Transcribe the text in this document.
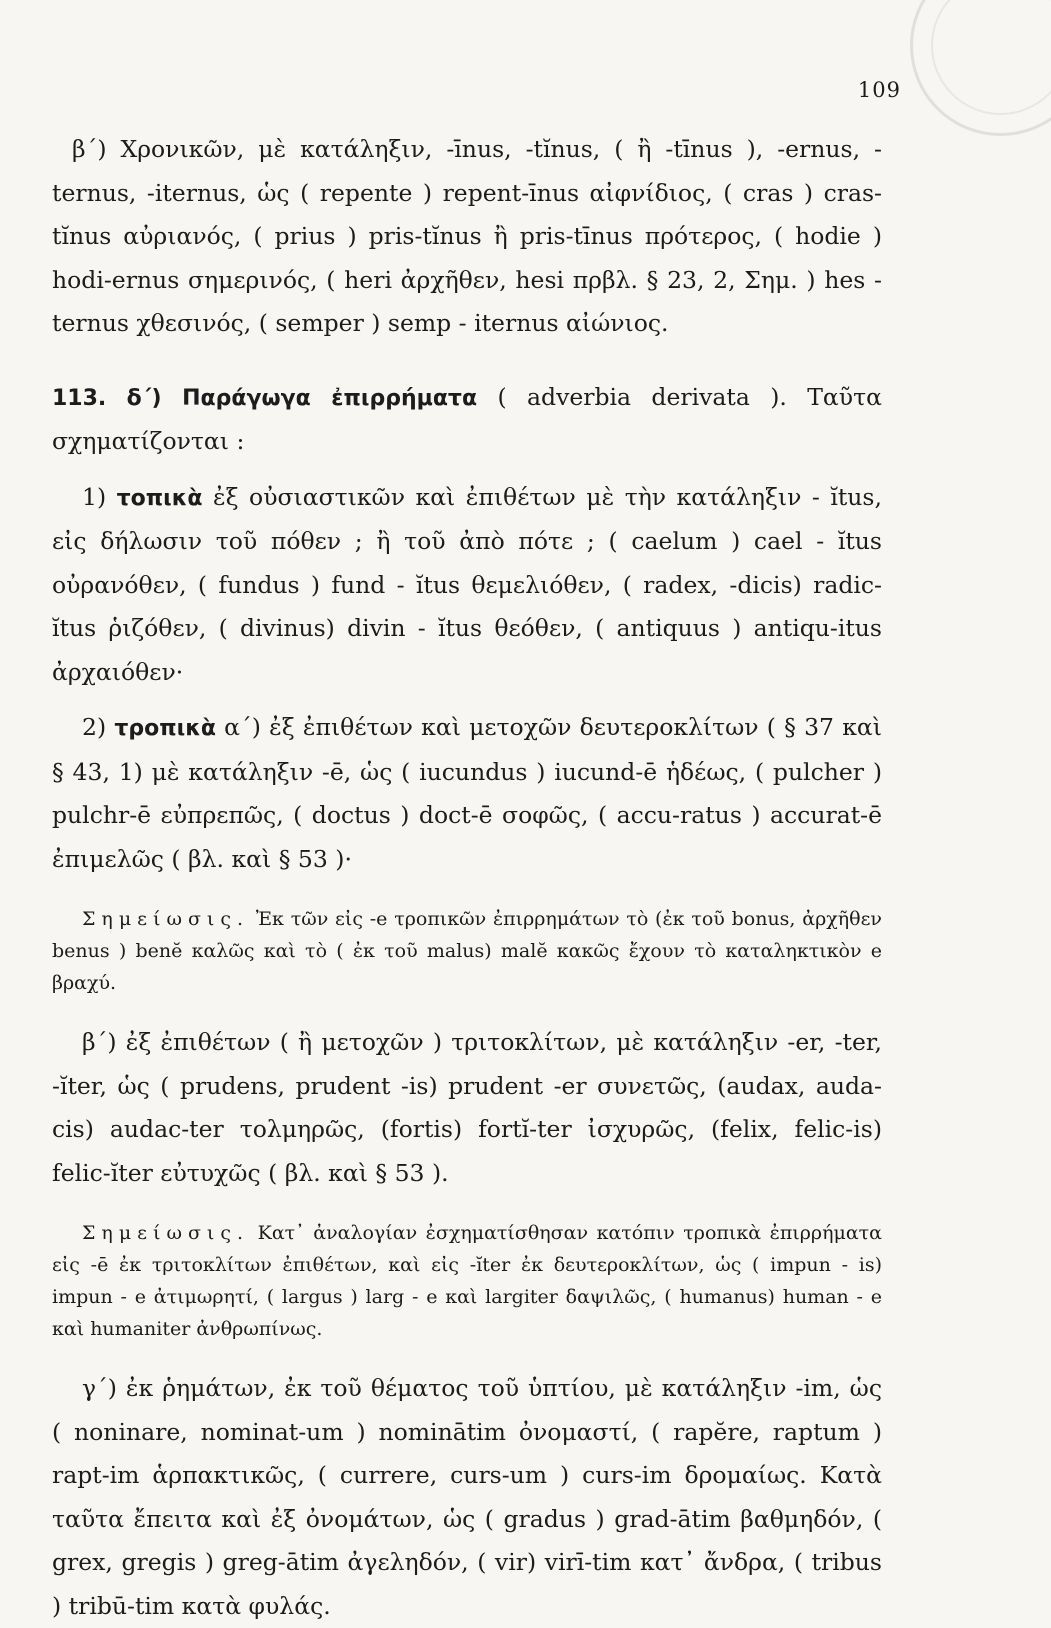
109

β΄) Χρονικῶν, μὲ κατάληξιν, -īnus, -tĭnus, ( ἢ -tīnus ), -ernus, -ternus, -iternus, ὡς ( repente ) repent-īnus αἰφνίδιος, ( cras ) cras-tĭnus αὐριανός, ( prius ) pris-tĭnus ἢ pris-tīnus πρότερος, ( hodie ) hodi-ernus σημερινός, ( heri ἀρχῆθεν, hesi πρβλ. § 23, 2, Σημ. ) hes - ternus χθεσινός, ( semper ) semp - iternus αἰώνιος.

113. δ΄) Παράγωγα ἐπιρρήματα ( adverbia derivata ). Ταῦτα σχηματίζονται :

1) τοπικὰ ἐξ οὐσιαστικῶν καὶ ἐπιθέτων μὲ τὴν κατάληξιν - ĭtus, εἰς δήλωσιν τοῦ πόθεν ; ἢ τοῦ ἀπὸ πότε ; ( caelum ) cael - ĭtus οὐρανόθεν, ( fundus ) fund - ĭtus θεμελιόθεν, ( radex, -dicis) radic-ĭtus ῥιζόθεν, ( divinus) divin - ĭtus θεόθεν, ( antiquus ) antiqu-itus ἀρχαιόθεν·

2) τροπικὰ α΄) ἐξ ἐπιθέτων καὶ μετοχῶν δευτεροκλίτων ( § 37 καὶ § 43, 1) μὲ κατάληξιν -ē, ὡς ( iucundus ) iucund-ē ἡδέως, ( pulcher ) pulchr-ē εὐπρεπῶς, ( doctus ) doct-ē σοφῶς, ( accu-ratus ) accurat-ē ἐπιμελῶς ( βλ. καὶ § 53 )·

Σημείωσις. Ἐκ τῶν εἰς -e τροπικῶν ἐπιρρημάτων τὸ (ἐκ τοῦ bonus, ἀρχῆθεν benus ) benĕ καλῶς καὶ τὸ ( ἐκ τοῦ malus) malĕ κακῶς ἔχουν τὸ καταληκτικὸν e βραχύ.

β΄) ἐξ ἐπιθέτων ( ἢ μετοχῶν ) τριτοκλίτων, μὲ κατάληξιν -er, -ter, -ĭter, ὡς ( prudens, prudent -is) prudent -er συνετῶς, (audax, auda-cis) audac-ter τολμηρῶς, (fortis) fortĭ-ter ἰσχυρῶς, (felix, felic-is) felic-ĭter εὐτυχῶς ( βλ. καὶ § 53 ).

Σημείωσις. Κατ᾽ ἀναλογίαν ἐσχηματίσθησαν κατόπιν τροπικὰ ἐπιρρήματα εἰς -ē ἐκ τριτοκλίτων ἐπιθέτων, καὶ εἰς -ĭter ἐκ δευτεροκλίτων, ὡς ( impun - is) impun - e ἀτιμωρητί, ( largus ) larg - e καὶ largiter δαψιλῶς, ( humanus) human - e καὶ humaniter ἀνθρωπίνως.

γ΄) ἐκ ῥημάτων, ἐκ τοῦ θέματος τοῦ ὑπτίου, μὲ κατάληξιν -im, ὡς ( noninare, nominat-um ) nominātim ὀνομαστί, ( rapĕre, raptum ) rapt-im ἁρπακτικῶς, ( currere, curs-um ) curs-im δρομαίως. Κατὰ ταῦτα ἔπειτα καὶ ἐξ ὀνομάτων, ὡς ( gradus ) grad-ātim βαθμηδόν, ( grex, gregis ) greg-ātim ἀγεληδόν, ( vir) virī-tim κατ᾽ ἄνδρα, ( tribus ) tribū-tim κατὰ φυλάς.
